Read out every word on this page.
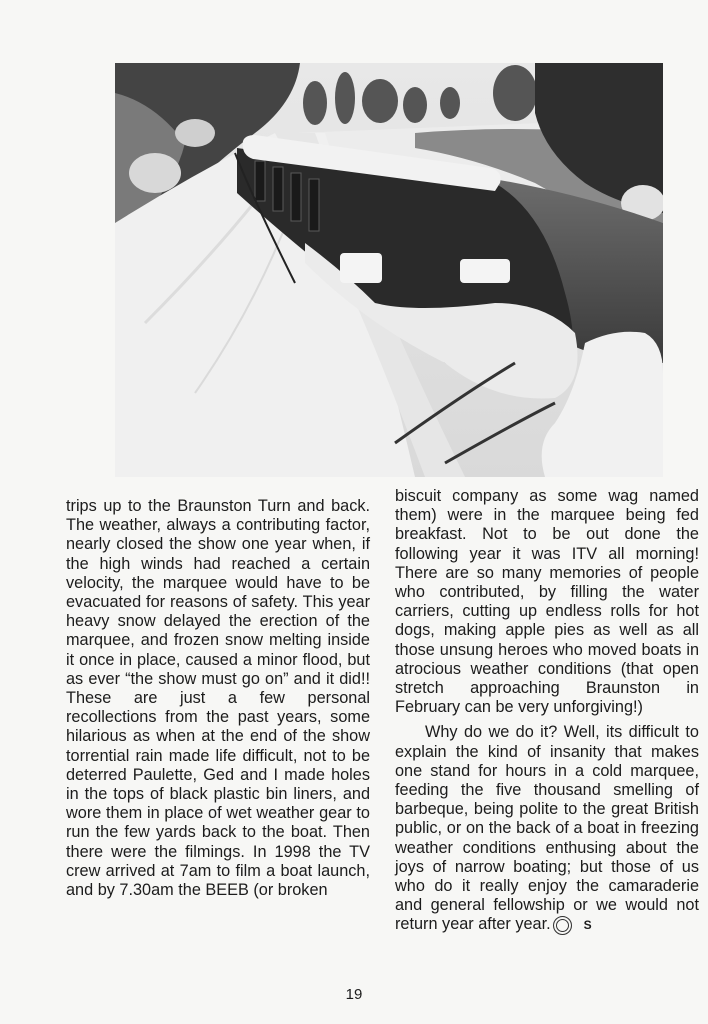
trips up to the Braunston Turn and back. The weather, always a contributing factor, nearly closed the show one year when, if the high winds had reached a certain velocity, the marquee would have to be evacuated for reasons of safety. This year heavy snow delayed the erection of the marquee, and frozen snow melting inside it once in place, caused a minor flood, but as ever “the show must go on” and it did!! These are just a few personal recollections from the past years, some hilarious as when at the end of the show torrential rain made life difficult, not to be deterred Paulette, Ged and I made holes in the tops of black plastic bin liners, and wore them in place of wet weather gear to run the few yards back to the boat. Then there were the filmings. In 1998 the TV crew arrived at 7am to film a boat launch, and by 7.30am the BEEB (or broken

biscuit company as some wag named them) were in the marquee being fed breakfast. Not to be out done the following year it was ITV all morning! There are so many memories of people who contributed, by filling the water carriers, cutting up endless rolls for hot dogs, making apple pies as well as all those unsung heroes who moved boats in atrocious weather conditions (that open stretch approaching Braunston in February can be very unforgiving!)

Why do we do it? Well, its difficult to explain the kind of insanity that makes one stand for hours in a cold marquee, feeding the five thousand smelling of barbeque, being polite to the great British public, or on the back of a boat in freezing weather conditions enthusing about the joys of narrow boating; but those of us who do it really enjoy the camaraderie and general fellowship or we would not return year after year.	S

19
